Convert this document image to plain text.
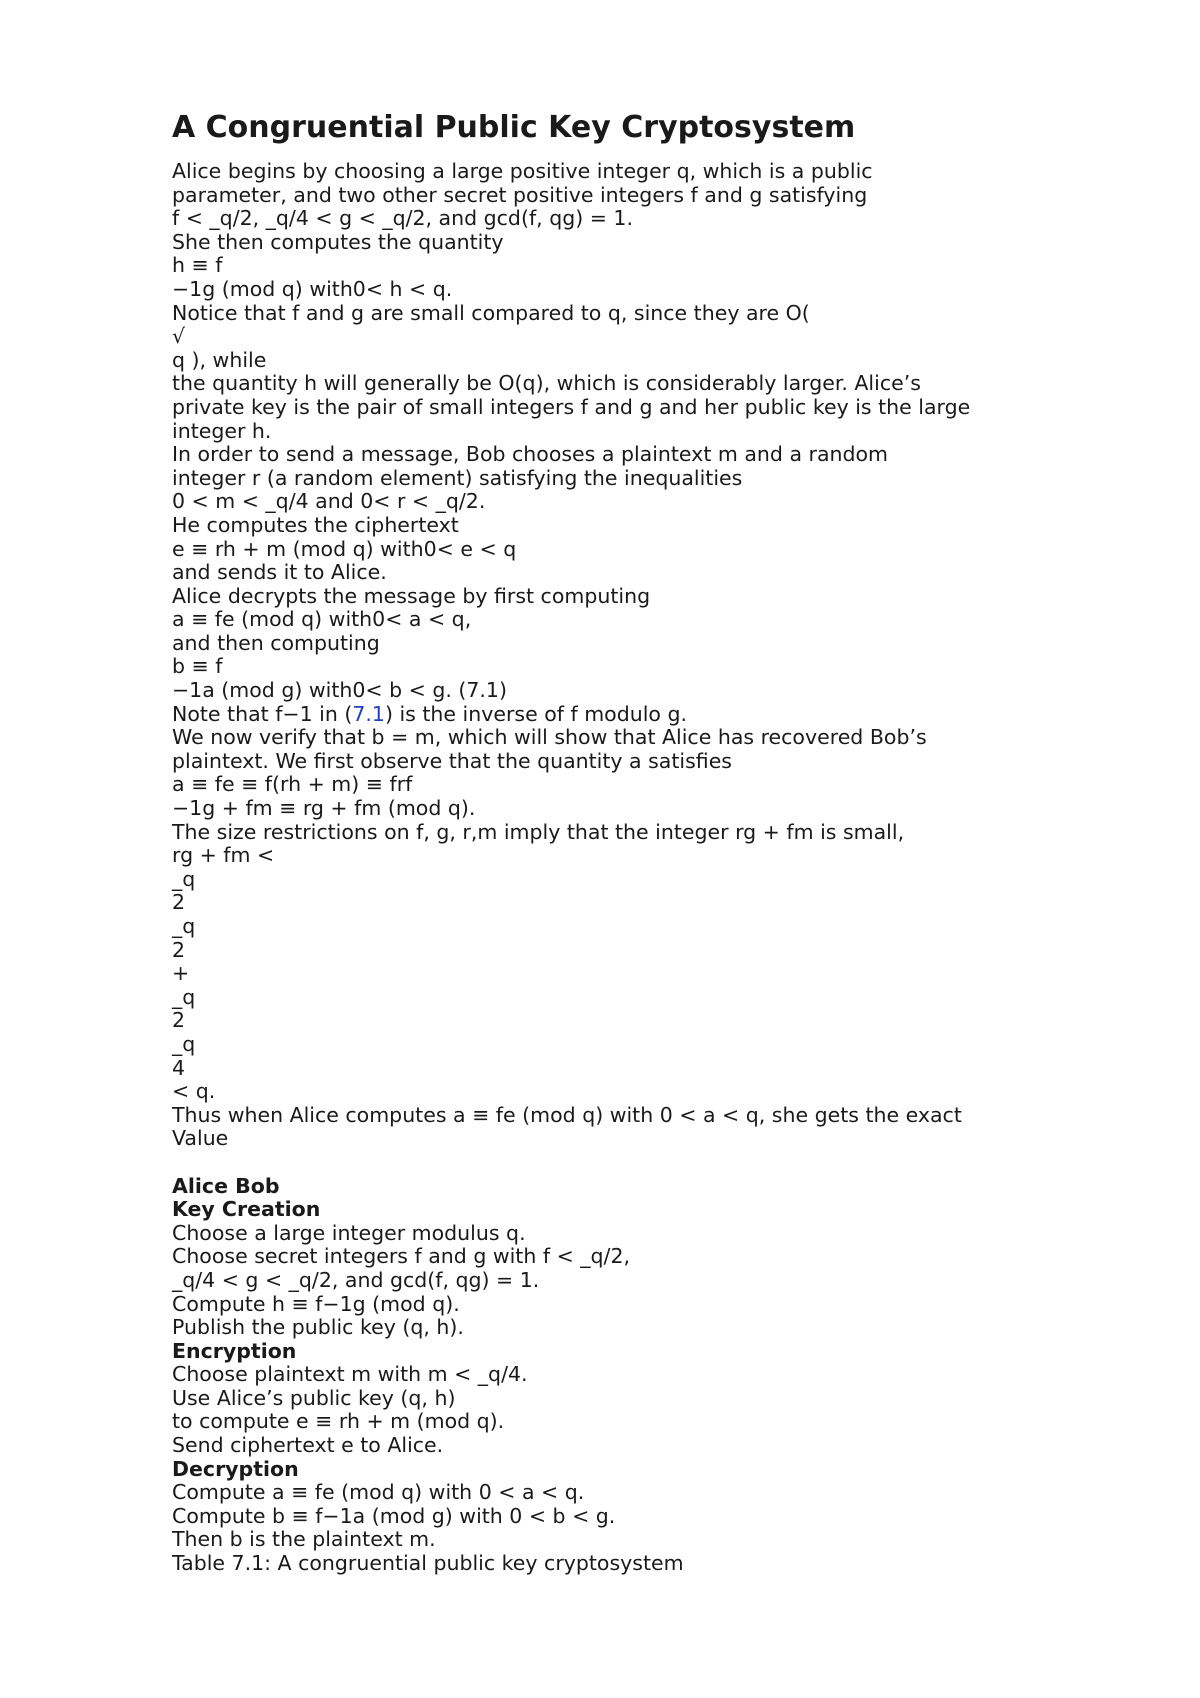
A Congruential Public Key Cryptosystem
Alice begins by choosing a large positive integer q, which is a public
parameter, and two other secret positive integers f and g satisfying
f < _q/2, _q/4 < g < _q/2, and gcd(f, qg) = 1.
She then computes the quantity
h ≡ f
−1g (mod q) with0< h < q.
Notice that f and g are small compared to q, since they are O(
√
q ), while
the quantity h will generally be O(q), which is considerably larger. Alice’s
private key is the pair of small integers f and g and her public key is the large
integer h.
In order to send a message, Bob chooses a plaintext m and a random
integer r (a random element) satisfying the inequalities
0 < m < _q/4 and 0< r < _q/2.
He computes the ciphertext
e ≡ rh + m (mod q) with0< e < q
and sends it to Alice.
Alice decrypts the message by first computing
a ≡ fe (mod q) with0< a < q,
and then computing
b ≡ f
−1a (mod g) with0< b < g. (7.1)
Note that f−1 in (7.1) is the inverse of f modulo g.
We now verify that b = m, which will show that Alice has recovered Bob’s
plaintext. We first observe that the quantity a satisfies
a ≡ fe ≡ f(rh + m) ≡ frf
−1g + fm ≡ rg + fm (mod q).
The size restrictions on f, g, r,m imply that the integer rg + fm is small,
rg + fm <
_q
2
_q
2
+
_q
2
_q
4
< q.
Thus when Alice computes a ≡ fe (mod q) with 0 < a < q, she gets the exact
Value
Alice Bob
Key Creation
Choose a large integer modulus q.
Choose secret integers f and g with f < _q/2,
_q/4 < g < _q/2, and gcd(f, qg) = 1.
Compute h ≡ f−1g (mod q).
Publish the public key (q, h).
Encryption
Choose plaintext m with m < _q/4.
Use Alice’s public key (q, h)
to compute e ≡ rh + m (mod q).
Send ciphertext e to Alice.
Decryption
Compute a ≡ fe (mod q) with 0 < a < q.
Compute b ≡ f−1a (mod g) with 0 < b < g.
Then b is the plaintext m.
Table 7.1: A congruential public key cryptosystem
